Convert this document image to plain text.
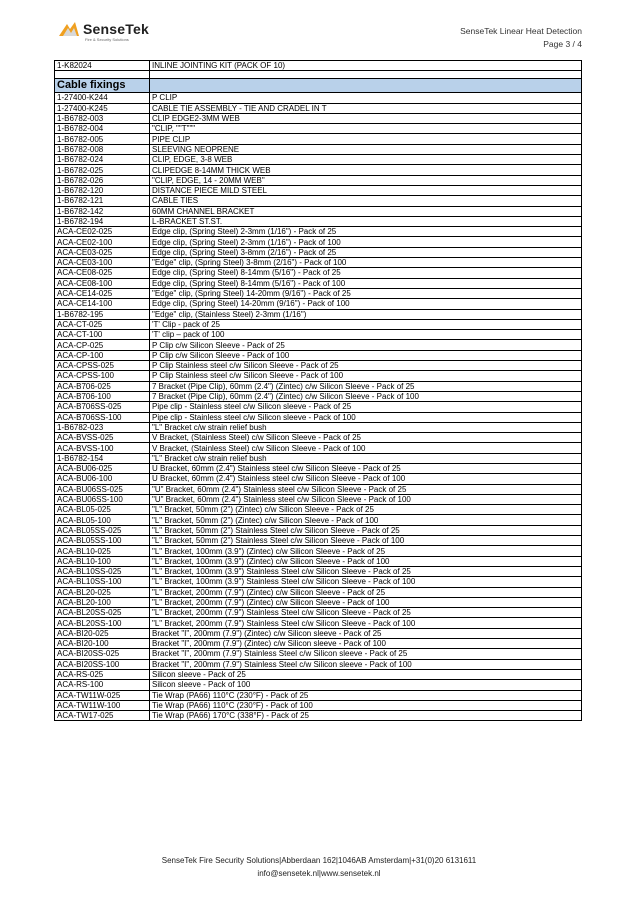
SenseTek
Fire & Security Solutions
SenseTek Linear Heat Detection
Page 3 / 4
1-K82024	INLINE JOINTING KIT (PACK OF 10)

Cable fixings	
1-27400-K244	P CLIP
1-27400-K245	CABLE TIE ASSEMBLY - TIE AND CRADEL IN T
1-B6782-003	CLIP EDGE2-3MM WEB
1-B6782-004	"CLIP, ""T"""
1-B6782-005	PIPE CLIP
1-B6782-008	SLEEVING NEOPRENE
1-B6782-024	CLIP, EDGE, 3-8 WEB
1-B6782-025	CLIPEDGE 8-14MM THICK WEB
1-B6782-026	"CLIP, EDGE, 14 - 20MM WEB"
1-B6782-120	DISTANCE PIECE MILD STEEL
1-B6782-121	CABLE TIES
1-B6782-142	60MM CHANNEL BRACKET
1-B6782-194	L-BRACKET ST.ST.
ACA-CE02-025	Edge clip, (Spring Steel) 2-3mm (1/16") - Pack of 25
ACA-CE02-100	Edge clip, (Spring Steel) 2-3mm (1/16") - Pack of 100
ACA-CE03-025	Edge clip, (Spring Steel) 3-8mm (2/16") - Pack of 25
ACA-CE03-100	"Edge" clip, (Spring Steel) 3-8mm (2/16") - Pack of 100
ACA-CE08-025	Edge clip, (Spring Steel) 8-14mm (5/16") - Pack of 25
ACA-CE08-100	Edge clip, (Spring Steel) 8-14mm (5/16") - Pack of 100
ACA-CE14-025	"Edge" clip, (Spring Steel) 14-20mm (9/16") - Pack of 25
ACA-CE14-100	Edge clip, (Spring Steel) 14-20mm (9/16") - Pack of 100
1-B6782-195	"Edge" clip, (Stainless Steel) 2-3mm (1/16")
ACA-CT-025	'T' Clip - pack of 25
ACA-CT-100	'T' clip – pack of 100
ACA-CP-025	P Clip c/w Silicon Sleeve - Pack of 25
ACA-CP-100	P Clip c/w Silicon Sleeve - Pack of 100
ACA-CPSS-025	P Clip Stainless steel c/w Silicon Sleeve - Pack of 25
ACA-CPSS-100	P Clip Stainless steel c/w Silicon Sleeve - Pack of 100
ACA-B706-025	7 Bracket (Pipe Clip), 60mm (2.4") (Zintec) c/w Silicon Sleeve - Pack of 25
ACA-B706-100	7 Bracket (Pipe Clip), 60mm (2.4") (Zintec) c/w Silicon Sleeve - Pack of 100
ACA-B706SS-025	Pipe clip - Stainless steel c/w Silicon sleeve - Pack of 25
ACA-B706SS-100	Pipe clip - Stainless steel c/w Silicon sleeve - Pack of 100
1-B6782-023	"L" Bracket c/w strain relief bush
ACA-BVSS-025	V Bracket, (Stainless Steel) c/w Silicon Sleeve - Pack of 25
ACA-BVSS-100	V Bracket, (Stainless Steel) c/w Silicon Sleeve - Pack of 100
1-B6782-154	"L" Bracket c/w strain relief bush
ACA-BU06-025	U Bracket, 60mm (2.4") Stainless steel c/w Silicon Sleeve - Pack of 25
ACA-BU06-100	U Bracket, 60mm (2.4") Stainless steel c/w Silicon Sleeve - Pack of 100
ACA-BU06SS-025	"U" Bracket, 60mm (2.4") Stainless steel c/w Silicon Sleeve - Pack of 25
ACA-BU06SS-100	"U" Bracket, 60mm (2.4") Stainless steel c/w Silicon Sleeve - Pack of 100
ACA-BL05-025	"L" Bracket, 50mm (2") (Zintec) c/w Silicon Sleeve - Pack of 25
ACA-BL05-100	"L" Bracket, 50mm (2") (Zintec) c/w Silicon Sleeve - Pack of 100
ACA-BL05SS-025	"L" Bracket, 50mm (2") Stainless Steel c/w Silicon Sleeve - Pack of 25
ACA-BL05SS-100	"L" Bracket, 50mm (2") Stainless Steel c/w Silicon Sleeve - Pack of 100
ACA-BL10-025	"L" Bracket, 100mm (3.9") (Zintec) c/w Silicon Sleeve - Pack of 25
ACA-BL10-100	"L" Bracket, 100mm (3.9") (Zintec) c/w Silicon Sleeve - Pack of 100
ACA-BL10SS-025	"L" Bracket, 100mm (3.9") Stainless Steel c/w Silicon Sleeve - Pack of 25
ACA-BL10SS-100	"L" Bracket, 100mm (3.9") Stainless Steel c/w Silicon Sleeve - Pack of 100
ACA-BL20-025	"L" Bracket, 200mm (7.9") (Zintec) c/w Silicon Sleeve - Pack of 25
ACA-BL20-100	"L" Bracket, 200mm (7.9") (Zintec) c/w Silicon Sleeve - Pack of 100
ACA-BL20SS-025	"L" Bracket, 200mm (7.9") Stainless Steel c/w Silicon Sleeve - Pack of 25
ACA-BL20SS-100	"L" Bracket, 200mm (7.9") Stainless Steel c/w Silicon Sleeve - Pack of 100
ACA-BI20-025	Bracket "I", 200mm (7.9") (Zintec) c/w Silicon sleeve - Pack of 25
ACA-BI20-100	Bracket "I", 200mm (7.9") (Zintec) c/w Silicon sleeve - Pack of 100
ACA-BI20SS-025	Bracket "I", 200mm (7.9") Stainless Steel c/w Silicon sleeve - Pack of 25
ACA-BI20SS-100	Bracket "I", 200mm (7.9") Stainless Steel c/w Silicon sleeve - Pack of 100
ACA-RS-025	Silicon sleeve - Pack of 25
ACA-RS-100	Silicon sleeve - Pack of 100
ACA-TW11W-025	Tie Wrap (PA66) 110°C (230°F) - Pack of 25
ACA-TW11W-100	Tie Wrap (PA66) 110°C (230°F) - Pack of 100
ACA-TW17-025	Tie Wrap (PA66) 170°C (338°F) - Pack of 25
SenseTek Fire Security Solutions|Abberdaan 162|1046AB Amsterdam|+31(0)20 6131611
info@sensetek.nl|www.sensetek.nl
